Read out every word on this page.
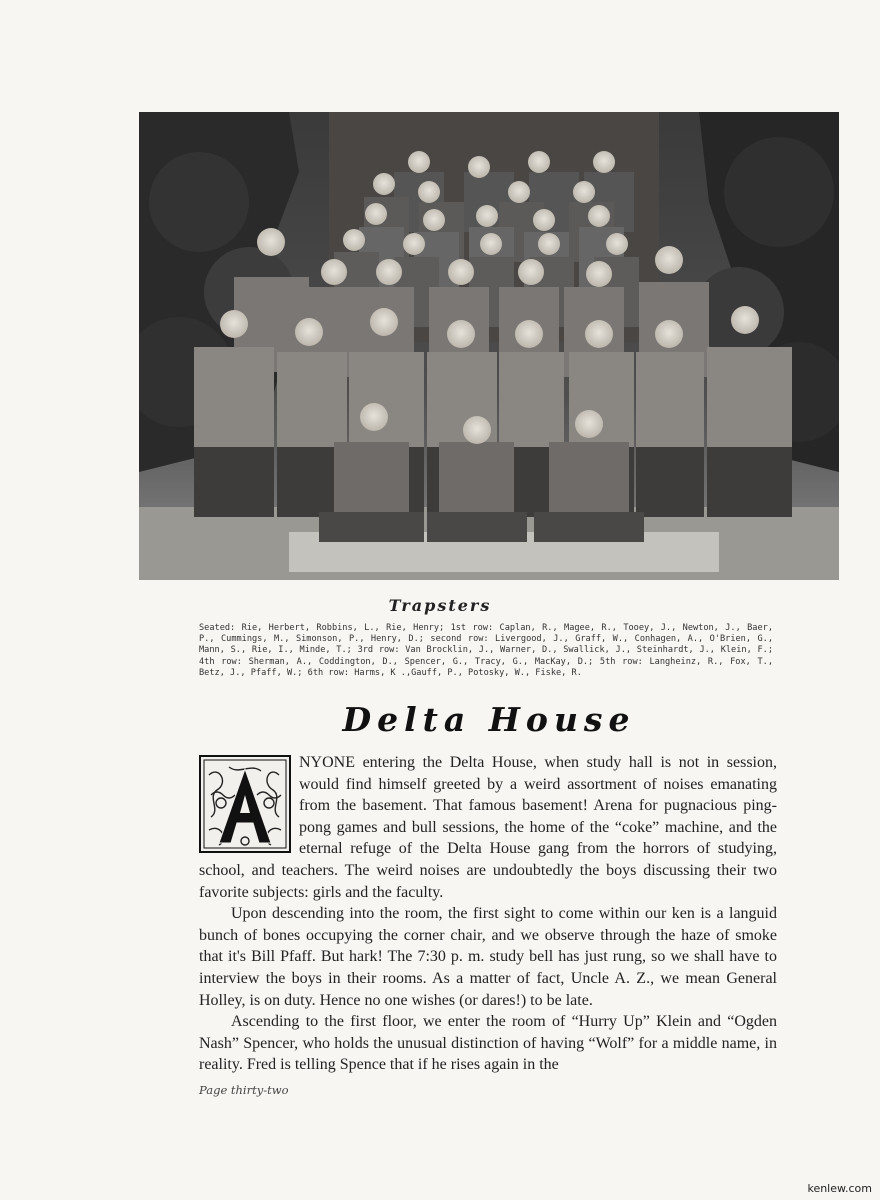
Trapsters

Seated: Rie, Herbert, Robbins, L., Rie, Henry; 1st row: Caplan, R., Magee, R., Tooey, J., Newton, J., Baer, P., Cummings, M., Simonson, P., Henry, D.; second row: Livergood, J., Graff, W., Conhagen, A., O'Brien, G., Mann, S., Rie, I., Minde, T.; 3rd row: Van Brocklin, J., Warner, D., Swallick, J., Steinhardt, J., Klein, F.; 4th row: Sherman, A., Coddington, D., Spencer, G., Tracy, G., MacKay, D.; 5th row: Langheinz, R., Fox, T., Betz, J., Pfaff, W.; 6th row: Harms, K .,Gauff, P., Potosky, W., Fiske, R.

Delta House

NYONE entering the Delta House, when study hall is not in session, would find himself greeted by a weird assortment of noises emanating from the basement. That famous basement! Arena for pugnacious ping-pong games and bull sessions, the home of the “coke” machine, and the eternal refuge of the Delta House gang from the horrors of studying, school, and teachers. The weird noises are undoubtedly the boys discussing their two favorite subjects: girls and the faculty.

Upon descending into the room, the first sight to come within our ken is a languid bunch of bones occupying the corner chair, and we observe through the haze of smoke that it's Bill Pfaff. But hark! The 7:30 p. m. study bell has just rung, so we shall have to interview the boys in their rooms. As a matter of fact, Uncle A. Z., we mean General Holley, is on duty. Hence no one wishes (or dares!) to be late.

Ascending to the first floor, we enter the room of “Hurry Up” Klein and “Ogden Nash” Spencer, who holds the unusual distinction of having “Wolf” for a middle name, in reality. Fred is telling Spence that if he rises again in the

Page thirty-two

kenlew.com
